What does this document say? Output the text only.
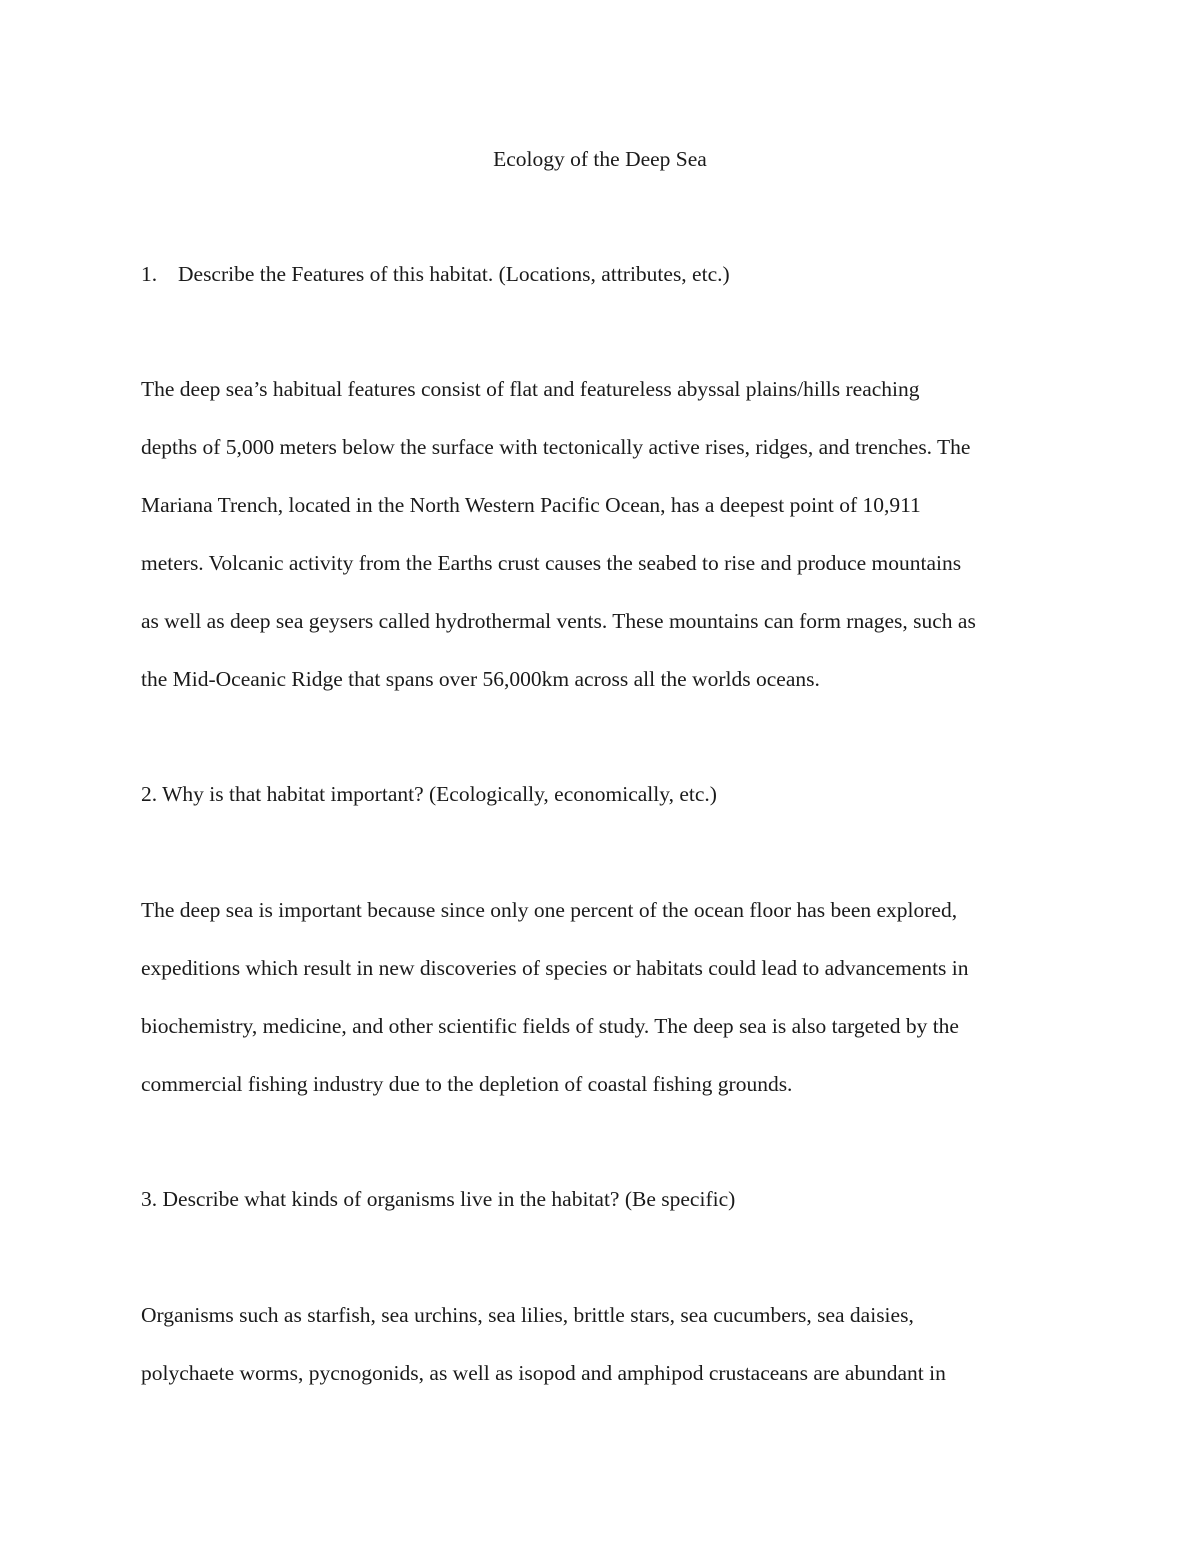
Ecology of the Deep Sea
1. Describe the Features of this habitat. (Locations, attributes, etc.)
The deep sea’s habitual features consist of flat and featureless abyssal plains/hills reaching
depths of 5,000 meters below the surface with tectonically active rises, ridges, and trenches. The
Mariana Trench, located in the North Western Pacific Ocean, has a deepest point of 10,911
meters. Volcanic activity from the Earths crust causes the seabed to rise and produce mountains
as well as deep sea geysers called hydrothermal vents. These mountains can form rnages, such as
the Mid-Oceanic Ridge that spans over 56,000km across all the worlds oceans.
2. Why is that habitat important? (Ecologically, economically, etc.)
The deep sea is important because since only one percent of the ocean floor has been explored,
expeditions which result in new discoveries of species or habitats could lead to advancements in
biochemistry, medicine, and other scientific fields of study. The deep sea is also targeted by the
commercial fishing industry due to the depletion of coastal fishing grounds.
3. Describe what kinds of organisms live in the habitat? (Be specific)
Organisms such as starfish, sea urchins, sea lilies, brittle stars, sea cucumbers, sea daisies,
polychaete worms, pycnogonids, as well as isopod and amphipod crustaceans are abundant in
